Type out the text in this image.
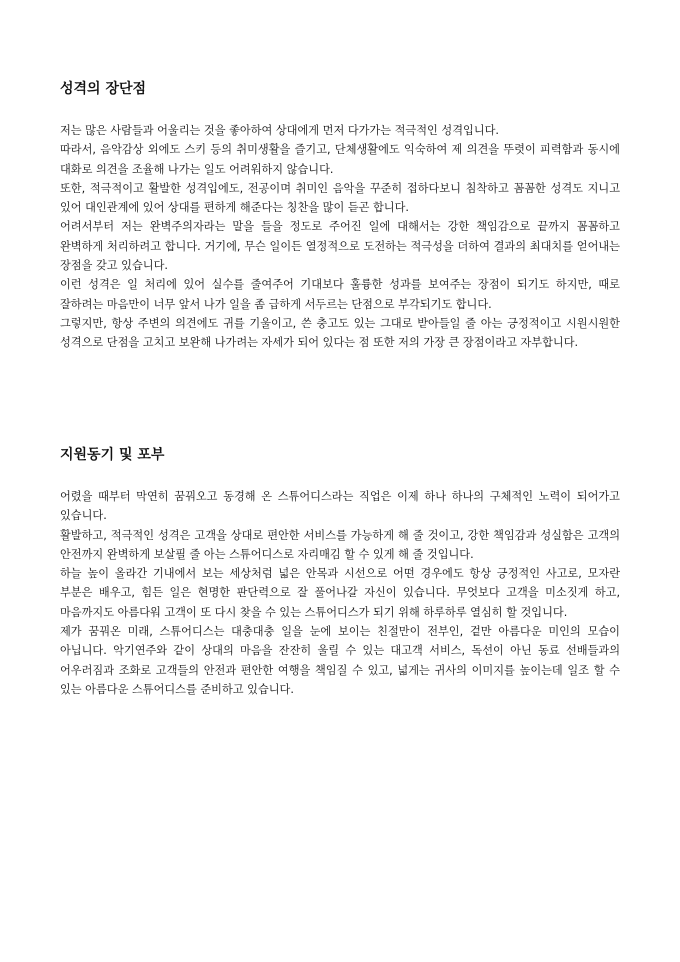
성격의 장단점

저는 많은 사람들과 어울리는 것을 좋아하여 상대에게 먼저 다가가는 적극적인 성격입니다.

따라서, 음악감상 외에도 스키 등의 취미생활을 즐기고, 단체생활에도 익숙하여 제 의견을 뚜렷이 피력함과 동시에 대화로 의견을 조율해 나가는 일도 어려워하지 않습니다.

또한, 적극적이고 활발한 성격입에도, 전공이며 취미인 음악을 꾸준히 접하다보니 침착하고 꼼꼼한 성격도 지니고 있어 대인관계에 있어 상대를 편하게 해준다는 칭찬을 많이 듣곤 합니다.

어려서부터 저는 완벽주의자라는 말을 들을 정도로 주어진 일에 대해서는 강한 책임감으로 끝까지 꼼꼼하고 완벽하게 처리하려고 합니다. 거기에, 무슨 일이든 열정적으로 도전하는 적극성을 더하여 결과의 최대치를 얻어내는 장점을 갖고 있습니다.

이런 성격은 일 처리에 있어 실수를 줄여주어 기대보다 훌륭한 성과를 보여주는 장점이 되기도 하지만, 때로 잘하려는 마음만이 너무 앞서 나가 일을 좀 급하게 서두르는 단점으로 부각되기도 합니다.

그렇지만, 항상 주변의 의견에도 귀를 기울이고, 쓴 충고도 있는 그대로 받아들일 줄 아는 긍정적이고 시원시원한 성격으로 단점을 고치고 보완해 나가려는 자세가 되어 있다는 점 또한 저의 가장 큰 장점이라고 자부합니다.

지원동기 및 포부

어렸을 때부터 막연히 꿈꿔오고 동경해 온 스튜어디스라는 직업은 이제 하나 하나의 구체적인 노력이 되어가고 있습니다.

활발하고, 적극적인 성격은 고객을 상대로 편안한 서비스를 가능하게 해 줄 것이고, 강한 책임감과 성실함은 고객의 안전까지 완벽하게 보살필 줄 아는 스튜어디스로 자리매김 할 수 있게 해 줄 것입니다.

하늘 높이 올라간 기내에서 보는 세상처럼 넓은 안목과 시선으로 어떤 경우에도 항상 긍정적인 사고로, 모자란 부분은 배우고, 힘든 일은 현명한 판단력으로 잘 풀어나갈 자신이 있습니다. 무엇보다 고객을 미소짓게 하고, 마음까지도 아름다워 고객이 또 다시 찾을 수 있는 스튜어디스가 되기 위해 하루하루 열심히 할 것입니다.

제가 꿈꿔온 미래, 스튜어디스는 대충대충 일을 눈에 보이는 친절만이 전부인, 겉만 아름다운 미인의 모습이 아닙니다. 악기연주와 같이 상대의 마음을 잔잔히 울릴 수 있는 대고객 서비스, 독선이 아닌 동료 선배들과의 어우러짐과 조화로 고객들의 안전과 편안한 여행을 책임질 수 있고, 넓게는 귀사의 이미지를 높이는데 일조 할 수 있는 아름다운 스튜어디스를 준비하고 있습니다.
